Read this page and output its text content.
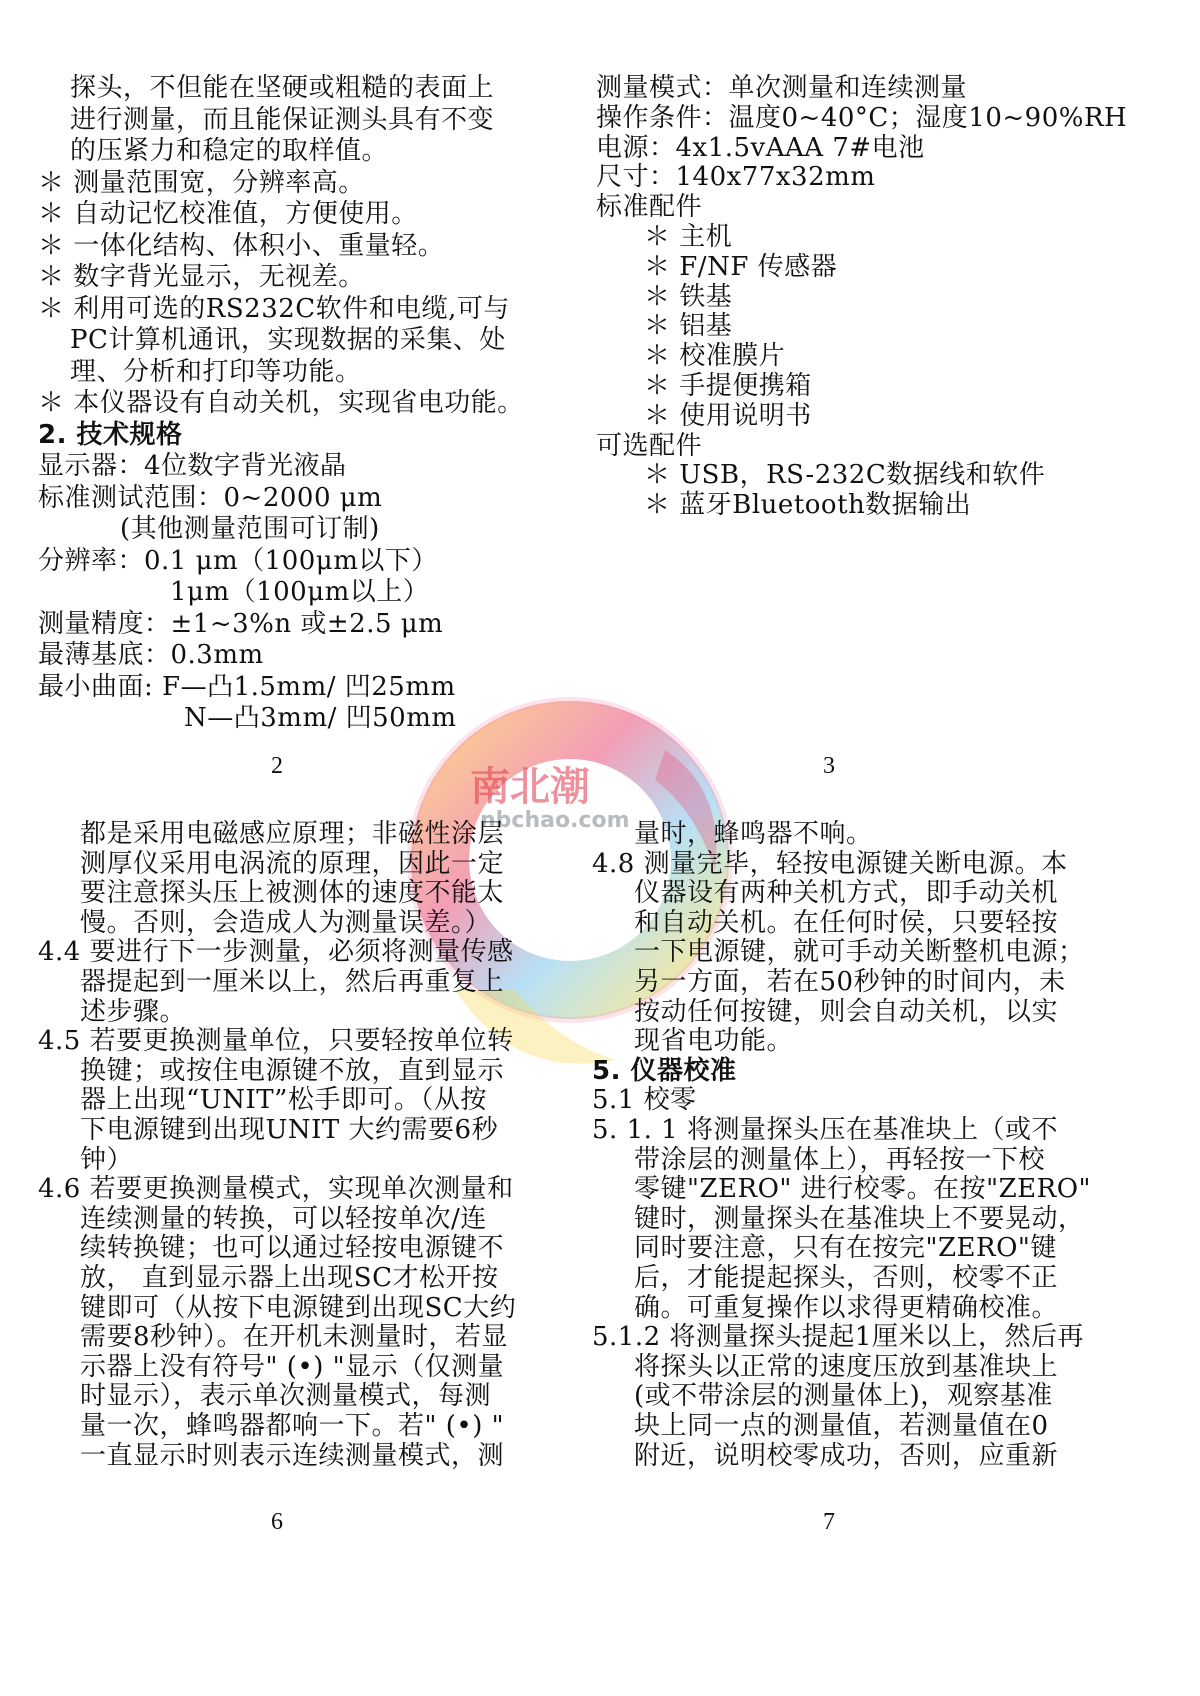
南北潮
nbchao.com
探头，不但能在坚硬或粗糙的表面上
进行测量，而且能保证测头具有不变
的压紧力和稳定的取样值。
＊ 测量范围宽，分辨率高。
＊ 自动记忆校准值，方便使用。
＊ 一体化结构、体积小、重量轻。
＊ 数字背光显示，无视差。
＊ 利用可选的RS232C软件和电缆,可与
PC计算机通讯，实现数据的采集、处
理、分析和打印等功能。
＊ 本仪器设有自动关机，实现省电功能。
2. 技术规格
显示器：4位数字背光液晶
标准测试范围：0~2000 μm
(其他测量范围可订制)
分辨率：0.1 μm（100μm以下）
1μm（100μm以上）
测量精度：±1~3%n 或±2.5 μm
最薄基底：0.3mm
最小曲面: F—凸1.5mm/ 凹25mm
N—凸3mm/ 凹50mm
2
测量模式：单次测量和连续测量
操作条件：温度0~40°C；湿度10~90%RH
电源：4x1.5vAAA 7#电池
尺寸：140x77x32mm
标准配件
＊ 主机
＊ F/NF 传感器
＊ 铁基
＊ 铝基
＊ 校准膜片
＊ 手提便携箱
＊ 使用说明书
可选配件
＊ USB，RS-232C数据线和软件
＊ 蓝牙Bluetooth数据输出
3
都是采用电磁感应原理；非磁性涂层
测厚仪采用电涡流的原理，因此一定
要注意探头压上被测体的速度不能太
慢。否则，会造成人为测量误差。）
4.4 要进行下一步测量，必须将测量传感
器提起到一厘米以上，然后再重复上
述步骤。
4.5 若要更换测量单位，只要轻按单位转
换键；或按住电源键不放，直到显示
器上出现“UNIT”松手即可。（从按
下电源键到出现UNIT 大约需要6秒
钟）
4.6 若要更换测量模式，实现单次测量和
连续测量的转换，可以轻按单次/连
续转换键；也可以通过轻按电源键不
放， 直到显示器上出现SC才松开按
键即可（从按下电源键到出现SC大约
需要8秒钟）。在开机未测量时，若显
示器上没有符号" (•) "显示（仅测量
时显示），表示单次测量模式，每测
量一次，蜂鸣器都响一下。若" (•) "
一直显示时则表示连续测量模式，测
6
量时，蜂鸣器不响。
4.8 测量完毕，轻按电源键关断电源。本
仪器设有两种关机方式，即手动关机
和自动关机。在任何时侯，只要轻按
一下电源键，就可手动关断整机电源；
另一方面，若在50秒钟的时间内，未
按动任何按键，则会自动关机，以实
现省电功能。
5. 仪器校准
5.1 校零
5. 1. 1 将测量探头压在基准块上（或不
带涂层的测量体上），再轻按一下校
零键"ZERO" 进行校零。在按"ZERO"
键时，测量探头在基准块上不要晃动，
同时要注意，只有在按完"ZERO"键
后，才能提起探头，否则，校零不正
确。可重复操作以求得更精确校准。
5.1.2 将测量探头提起1厘米以上，然后再
将探头以正常的速度压放到基准块上
(或不带涂层的测量体上)，观察基准
块上同一点的测量值，若测量值在0
附近，说明校零成功，否则，应重新
7
